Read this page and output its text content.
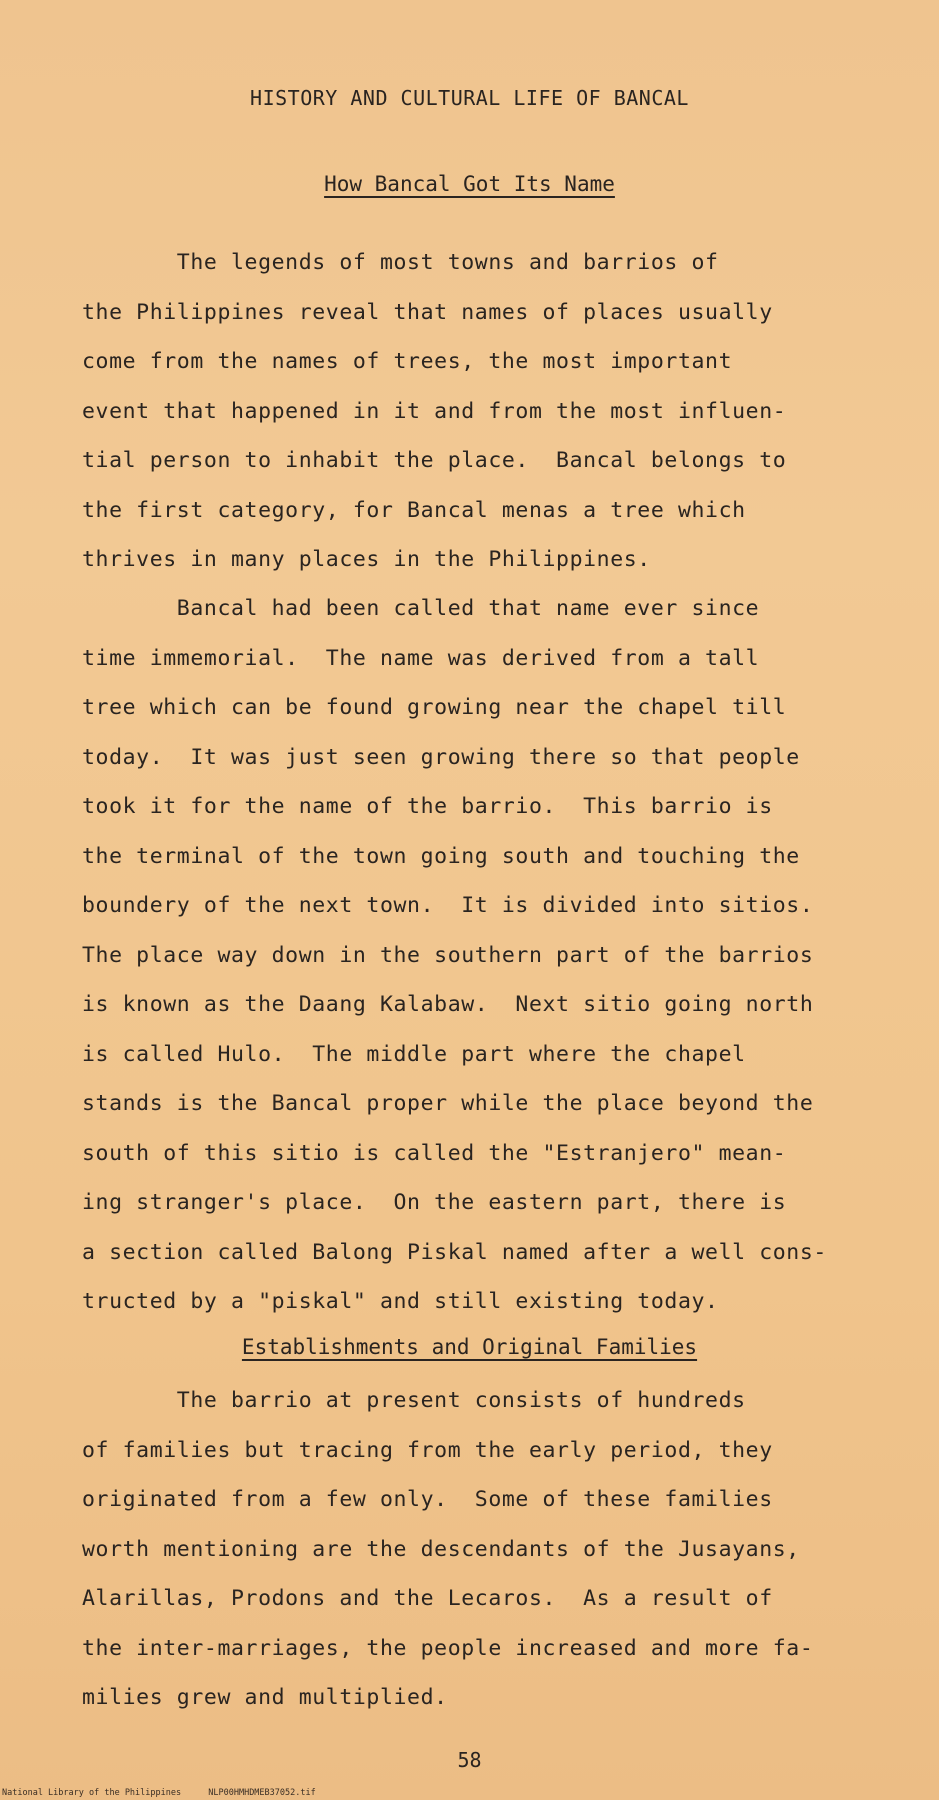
HISTORY AND CULTURAL LIFE OF BANCAL
How Bancal Got Its Name
The legends of most towns and barrios of
the Philippines reveal that names of places usually
come from the names of trees, the most important
event that happened in it and from the most influen-
tial person to inhabit the place.  Bancal belongs to
the first category, for Bancal menas a tree which
thrives in many places in the Philippines.
Bancal had been called that name ever since
time immemorial.  The name was derived from a tall
tree which can be found growing near the chapel till
today.  It was just seen growing there so that people
took it for the name of the barrio.  This barrio is
the terminal of the town going south and touching the
boundery of the next town.  It is divided into sitios.
The place way down in the southern part of the barrios
is known as the Daang Kalabaw.  Next sitio going north
is called Hulo.  The middle part where the chapel
stands is the Bancal proper while the place beyond the
south of this sitio is called the "Estranjero" mean-
ing stranger's place.  On the eastern part, there is
a section called Balong Piskal named after a well cons-
tructed by a "piskal" and still existing today.
Establishments and Original Families
The barrio at present consists of hundreds
of families but tracing from the early period, they
originated from a few only.  Some of these families
worth mentioning are the descendants of the Jusayans,
Alarillas, Prodons and the Lecaros.  As a result of
the inter-marriages, the people increased and more fa-
milies grew and multiplied.
58
National Library of the Philippines	NLP00HMHDMEB37052.tif
